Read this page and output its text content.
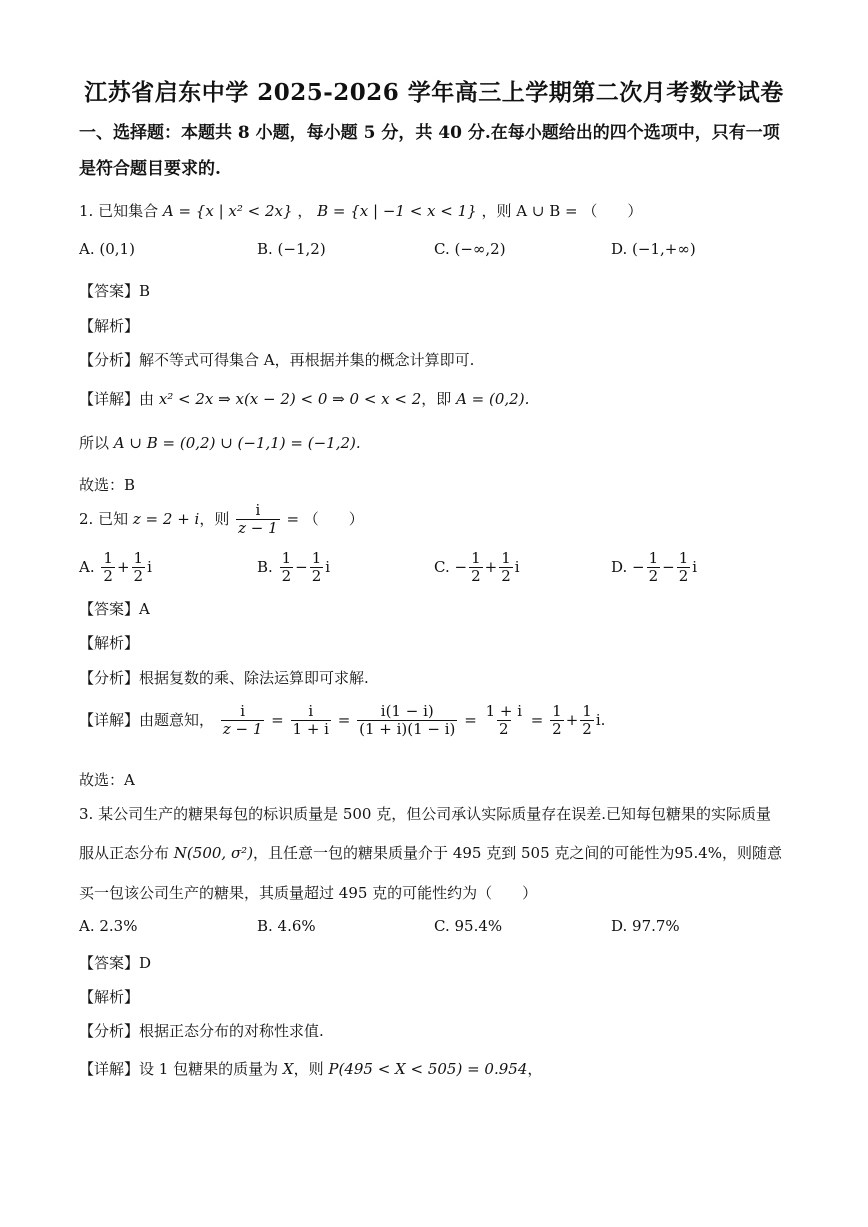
江苏省启东中学 2025-2026 学年高三上学期第二次月考数学试卷
一、选择题：本题共 8 小题，每小题 5 分，共 40 分.在每小题给出的四个选项中，只有一项
是符合题目要求的.
1. 已知集合 A = {x | x² < 2x} ， B = {x | −1 < x < 1} ，则 A ∪ B = （　　）
A. (0,1)	B. (−1,2)	C. (−∞,2)	D. (−1,+∞)
【答案】B
【解析】
【分析】解不等式可得集合 A，再根据并集的概念计算即可.
【详解】由 x² < 2x ⇒ x(x − 2) < 0 ⇒ 0 < x < 2，即 A = (0,2).
所以 A ∪ B = (0,2) ∪ (−1,1) = (−1,2).
故选：B
2. 已知 z = 2 + i，则 $\frac{i}{z - 1}$ = （　　）
A. $\frac{1}{2} + \frac{1}{2}$ i	B. $\frac{1}{2} - \frac{1}{2}$ i	C. − $\frac{1}{2} + \frac{1}{2}$ i	D. − $\frac{1}{2} - \frac{1}{2}$ i
【答案】A
【解析】
【分析】根据复数的乘、除法运算即可求解.
【详解】由题意知， $\frac{i}{z - 1} = \frac{i}{1 + i} = \frac{i(1 - i)}{(1 + i)(1 - i)} = \frac{1 + i}{2} = \frac{1}{2} + \frac{1}{2} i$.
故选：A
3. 某公司生产的糖果每包的标识质量是 500 克，但公司承认实际质量存在误差.已知每包糖果的实际质量
服从正态分布 N(500, σ²)，且任意一包的糖果质量介于 495 克到 505 克之间的可能性为95.4%，则随意
买一包该公司生产的糖果，其质量超过 495 克的可能性约为（　　）
A. 2.3%	B. 4.6%	C. 95.4%	D. 97.7%
【答案】D
【解析】
【分析】根据正态分布的对称性求值.
【详解】设 1 包糖果的质量为 X，则 P(495 < X < 505) = 0.954，
